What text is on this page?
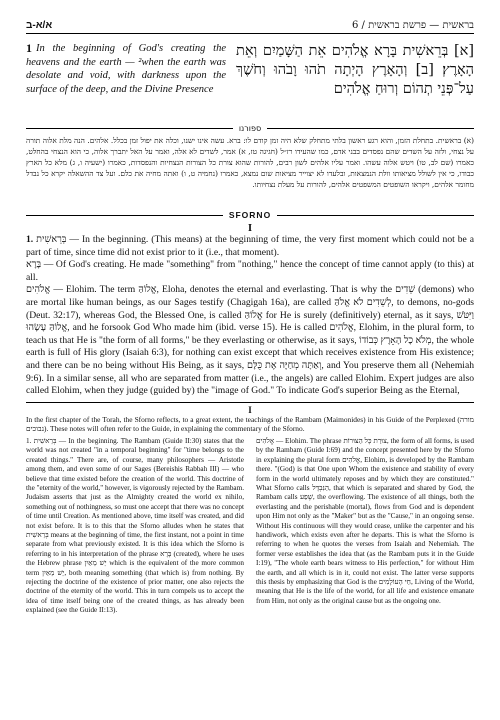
א/א-ב	6 / בראשית — פרשת בראשית
1 In the beginning of God's creating the heavens and the earth — ²when the earth was desolate and void, with darkness upon the surface of the deep, and the Divine Presence
[א] בְּרֵאשִׁית בָּרָא אֱלֹהִים אֵת הַשָּׁמַיִם וְאֵת הָאָרֶץ׃ [ב] וְהָאָרֶץ הָיְתָה תֹהוּ וָבֹהוּ וְחֹשֶׁךְ עַל־פְּנֵי תְהוֹם וְרוּחַ אֱלֹהִים
ספורנו
(א) בראשית. בתחלת הזמן, והוא רגע ראשון בלתי מתחלק שלא היה זמן קודם לו: ברא. עשה אינו ישנו, וכלה את יפול זמן בכלל. אלהים. הנה מלת אלוה תורה על נצחי, ולזה על השדים שהם נפסדים בבני אדם, כמו שהעידו רז״ל (חגיגה טז, א) אמר, לשדים לא אלה, ואמר על האל יתברך אלוה, כי הוא הנצחי בהחלט, כאמרו (שם לב, טו) ויטש אלוה עשהו. ואמר עליו אלהים לשון רבים, להורות שהוא צורת כל הצורות הנצחיות והנפסדות, כאמרו (ישעיה ו, ג) מלא כל הארץ כבודו, כי אין לשולל מציאותו וולת הנמצאות, ובלעדו לא יצוייר מציאות שום נמצא, כאמרו (נחמיה ט, ו) ואתה מחיה את כלם. ועל צד ההשאלה יקרא כל נבדל מחומר אלהים, ויקראו השופטים המשפטים אלהים, להורות על מעלת נצחיותו.
SFORNO
I

1. בְּרֵאשִׁית — In the beginning. (This means) at the beginning of time, the very first moment which could not be a part of time, since time did not exist prior to it (i.e., that moment).

בָּרָא — Of God's creating. He made "something" from "nothing," hence the concept of time cannot apply (to this) at all.

אֱלֹהִים — Elohim. The term אֱלוֹהַּ, Eloha, denotes the eternal and everlasting. That is why the שֵׁדִים (demons) who are mortal like human beings, as our Sages testify (Chagigah 16a), are called לְשֵׁדִים לֹא אֱלֹהַּ, to demons, no-gods (Deut. 32:17), whereas God, the Blessed One, is called אֱלוֹהַּ for He is surely (definitively) eternal, as it says, וַיִּטֹּשׁ אֱלוֹהַּ עָשָׂהוּ, and he forsook God Who made him (ibid. verse 15). He is called אֱלֹהִים, Elohim, in the plural form, to teach us that He is "the form of all forms," be they everlasting or otherwise, as it says, מְלֹא כָל הָאָרֶץ כְּבוֹדוֹ, the whole earth is full of His glory (Isaiah 6:3), for nothing can exist except that which receives existence from His existence; and there can be no being without His Being, as it says, וְאַתָּה מְחַיֶּה אֶת כֻּלָּם, and You preserve them all (Nehemiah 9:6). In a similar sense, all who are separated from matter (i.e., the angels) are called Elohim. Expert judges are also called Elohim, when they judge (guided by) the "image of God." To indicate God's superior Being as the Eternal,

I

In the first chapter of the Torah, the Sforno reflects, to a great extent, the teachings of the Rambam (Maimonides) in his Guide of the Perplexed (מורה נבוכים). These notes will often refer to the Guide, in explaining the commentary of the Sforno.

1. בְּרֵאשִׁית — In the beginning. The Rambam (Guide II:30) states that the world was not created "in a temporal beginning" for "time belongs to the created things." There are, of course, many philosophers — Aristotle among them, and even some of our Sages (Bereishis Rabbah III) — who believe that time existed before the creation of the world. This doctrine of the "eternity of the world," however, is vigorously rejected by the Rambam. Judaism asserts that just as the Almighty created the world ex nihilo, something out of nothingness, so must one accept that there was no concept of time until Creation. As mentioned above, time itself was created, and did not exist before. It is to this that the Sforno alludes when he states that בְּרֵאשִׁית means at the beginning of time, the first instant, not a point in time separate from what previously existed. It is this idea which the Sforno is referring to in his interpretation of the phrase בָּרָא (created), where he uses the Hebrew phrase יֵשׁ מֵאַיִן which is the equivalent of the more common term יֵשׁ מֵאַיִן, both meaning something (that which is) from nothing. By rejecting the doctrine of the existence of prior matter, one also rejects the doctrine of the eternity of the world. This in turn compels us to accept the idea of time itself being one of the created things, as has already been explained (see the Guide II:13).

אֱלֹהִים — Elohim. The phrase צוּרַת כָּל הַצּוּרוֹת, the form of all forms, is used by the Rambam (Guide I:69) and the concept presented here by the Sforno in explaining the plural form אֱלֹהִים, Elohim, is developed by the Rambam there. "(God) is that One upon Whom the existence and stability of every form in the world ultimately reposes and by which they are constituted." What Sforno calls הַנִּבְדָּל, that which is separated and shared by God, the Rambam calls שֶׁפַע, the overflowing. The existence of all things, both the everlasting and the perishable (mortal), flows from God and is dependent upon Him not only as the "Maker" but as the "Cause," in an ongoing sense. Without His continuous will they would cease, unlike the carpenter and his handiwork, which exists even after he departs. This is what the Sforno is referring to when he quotes the verses from Isaiah and Nehemiah. The former verse establishes the idea that (as the Rambam puts it in the Guide I:19), "The whole earth bears witness to His perfection," for without Him the earth, and all which is in it, could not exist. The latter verse supports this thesis by emphasizing that God is the חַי הָעוֹלָמִים, Living of the World, meaning that He is the life of the world, for all life and existence emanate from Him, not only as the original cause but as the ongoing one.
